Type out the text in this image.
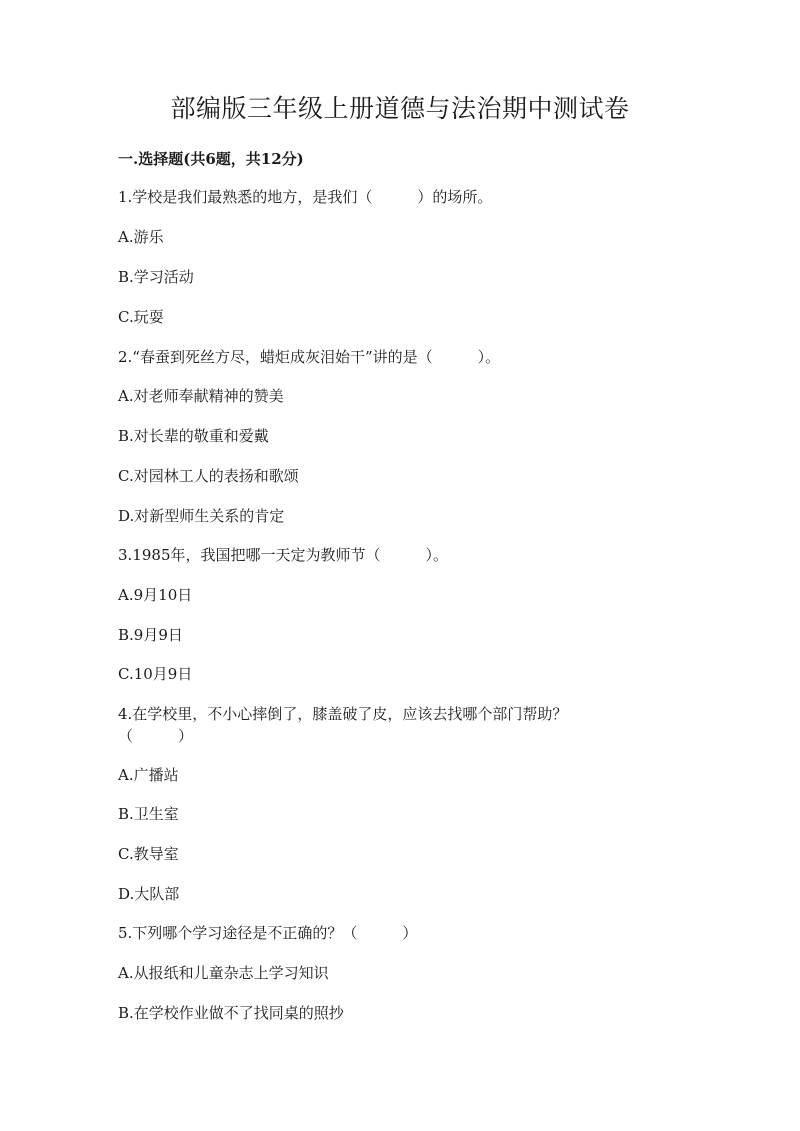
部编版三年级上册道德与法治期中测试卷
一.选择题(共6题，共12分)
1.学校是我们最熟悉的地方，是我们（　　　）的场所。
A.游乐
B.学习活动
C.玩耍
2.“春蚕到死丝方尽，蜡炬成灰泪始干”讲的是（　　　）。
A.对老师奉献精神的赞美
B.对长辈的敬重和爱戴
C.对园林工人的表扬和歌颂
D.对新型师生关系的肯定
3.1985年，我国把哪一天定为教师节（　　　）。
A.9月10日
B.9月9日
C.10月9日
4.在学校里，不小心摔倒了，膝盖破了皮，应该去找哪个部门帮助？
（　　　）
A.广播站
B.卫生室
C.教导室
D.大队部
5.下列哪个学习途径是不正确的？（　　　）
A.从报纸和儿童杂志上学习知识
B.在学校作业做不了找同桌的照抄
